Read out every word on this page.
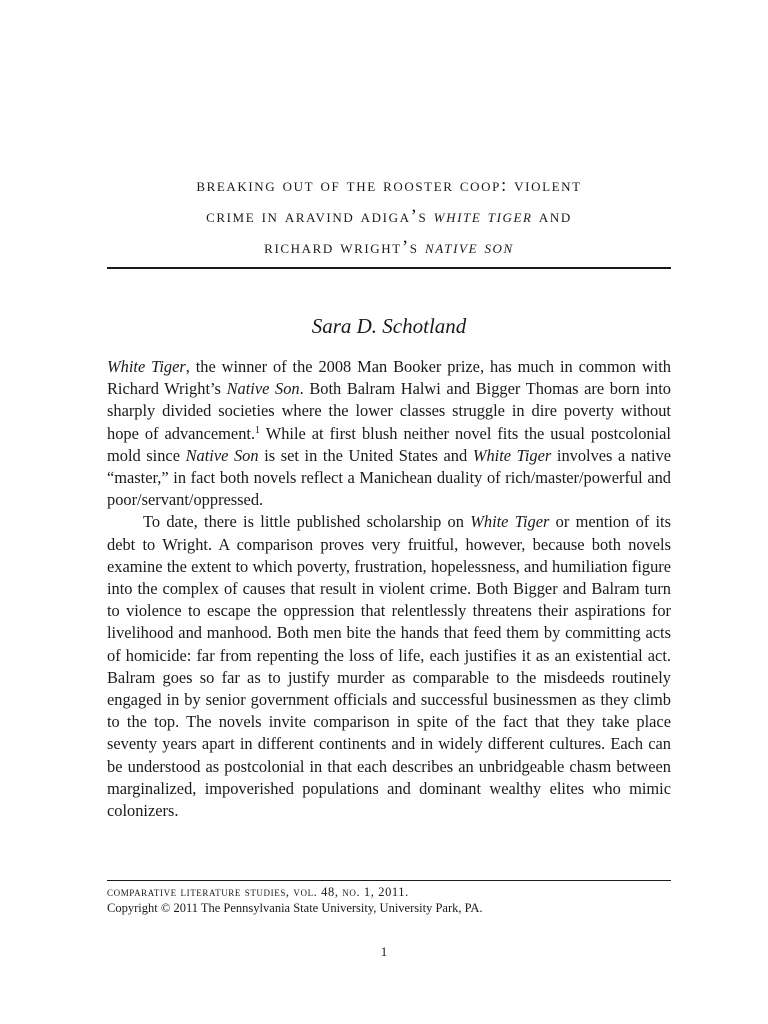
breaking out of the rooster coop: violent
crime in aravind adiga’s white tiger and
richard wright’s native son
Sara D. Schotland

White Tiger, the winner of the 2008 Man Booker prize, has much in common with Richard Wright’s Native Son. Both Balram Halwi and Bigger Thomas are born into sharply divided societies where the lower classes struggle in dire poverty without hope of advancement.$^1$ While at first blush neither novel fits the usual postcolonial mold since Native Son is set in the United States and White Tiger involves a native “master,” in fact both novels reflect a Manichean duality of rich/master/powerful and poor/servant/oppressed.

To date, there is little published scholarship on White Tiger or mention of its debt to Wright. A comparison proves very fruitful, however, because both novels examine the extent to which poverty, frustration, hopelessness, and humiliation figure into the complex of causes that result in violent crime. Both Bigger and Balram turn to violence to escape the oppression that relentlessly threatens their aspirations for livelihood and manhood. Both men bite the hands that feed them by committing acts of homicide: far from repenting the loss of life, each justifies it as an existential act. Balram goes so far as to justify murder as comparable to the misdeeds routinely engaged in by senior government officials and successful businessmen as they climb to the top. The novels invite comparison in spite of the fact that they take place seventy years apart in different continents and in widely different cultures. Each can be understood as postcolonial in that each describes an unbridgeable chasm between marginalized, impoverished populations and dominant wealthy elites who mimic colonizers.

comparative literature studies, vol. 48, no. 1, 2011.
Copyright © 2011 The Pennsylvania State University, University Park, PA.
1
